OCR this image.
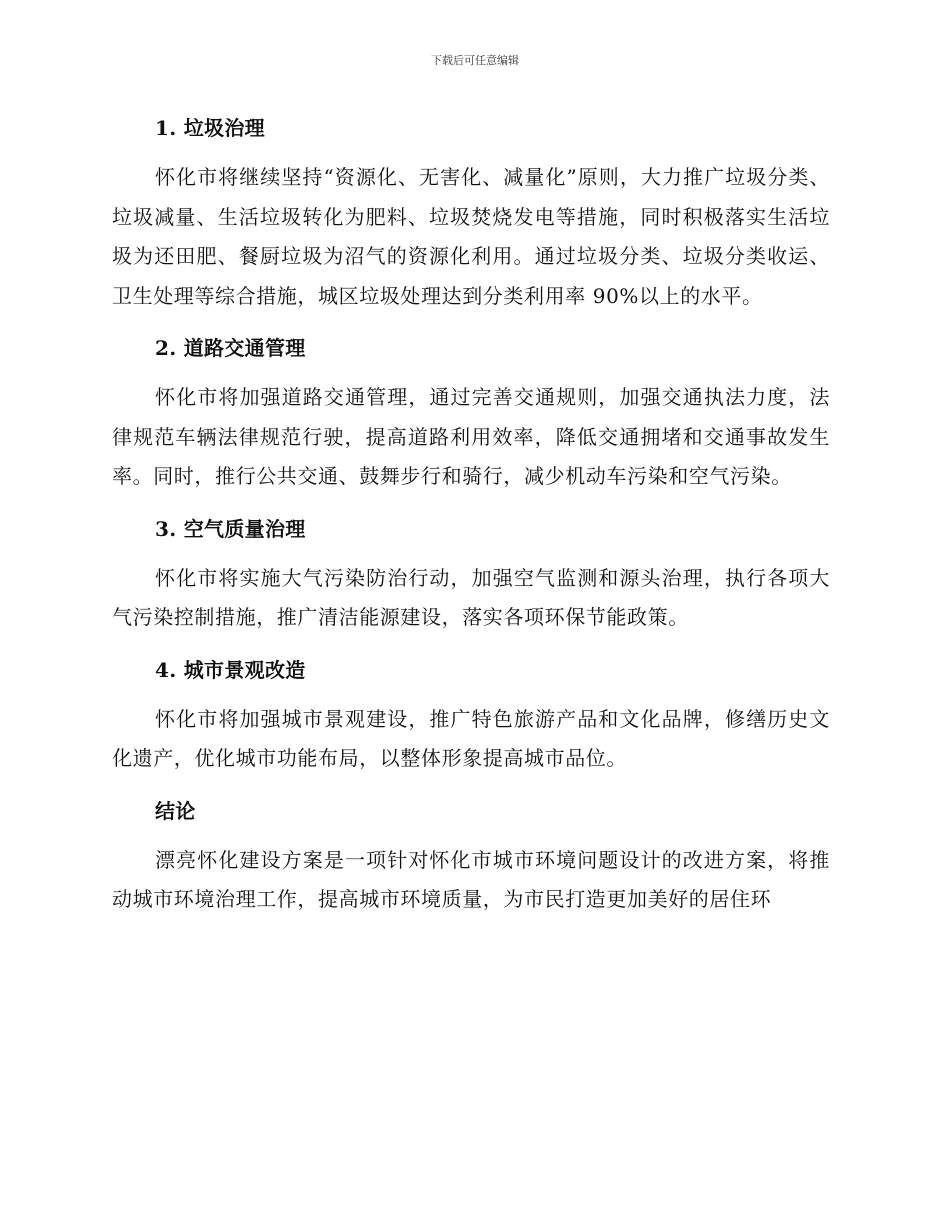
下载后可任意编辑
1. 垃圾治理

怀化市将继续坚持“资源化、无害化、减量化”原则，大力推广垃圾分类、垃圾减量、生活垃圾转化为肥料、垃圾焚烧发电等措施，同时积极落实生活垃圾为还田肥、餐厨垃圾为沼气的资源化利用。通过垃圾分类、垃圾分类收运、卫生处理等综合措施，城区垃圾处理达到分类利用率 90%以上的水平。

2. 道路交通管理

怀化市将加强道路交通管理，通过完善交通规则，加强交通执法力度，法律规范车辆法律规范行驶，提高道路利用效率，降低交通拥堵和交通事故发生率。同时，推行公共交通、鼓舞步行和骑行，减少机动车污染和空气污染。

3. 空气质量治理

怀化市将实施大气污染防治行动，加强空气监测和源头治理，执行各项大气污染控制措施，推广清洁能源建设，落实各项环保节能政策。

4. 城市景观改造

怀化市将加强城市景观建设，推广特色旅游产品和文化品牌，修缮历史文化遗产，优化城市功能布局，以整体形象提高城市品位。

结论

漂亮怀化建设方案是一项针对怀化市城市环境问题设计的改进方案，将推动城市环境治理工作，提高城市环境质量，为市民打造更加美好的居住环
